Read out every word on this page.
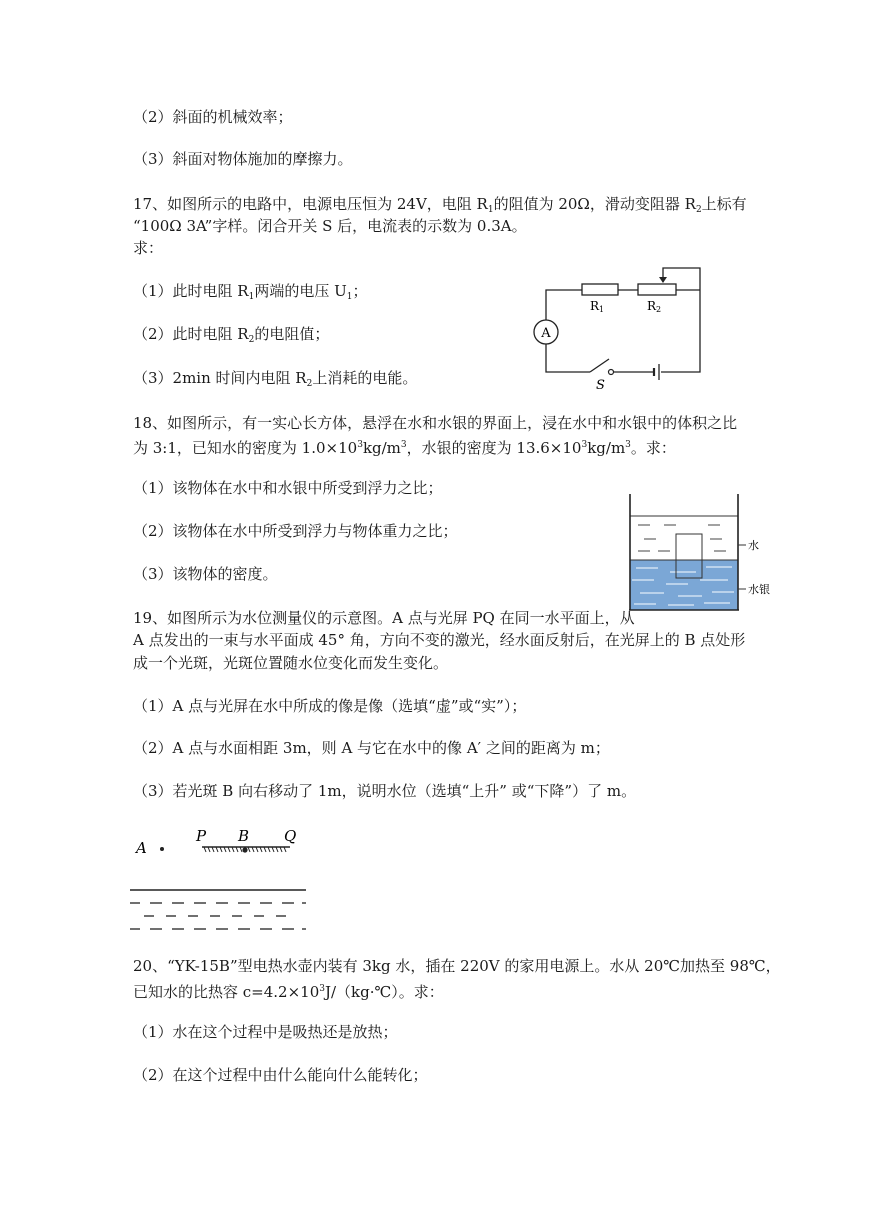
（2）斜面的机械效率；
（3）斜面对物体施加的摩擦力。
17、如图所示的电路中，电源电压恒为 24V，电阻 $R_1$的阻值为 20Ω，滑动变阻器 $R_2$上标有
“100Ω 3A”字样。闭合开关 S 后，电流表的示数为 0.3A。
求：
（1）此时电阻 $R_1$两端的电压 $U_1$；
（2）此时电阻 $R_2$的电阻值；
（3）2min 时间内电阻 $R_2$上消耗的电能。
A
R1	R2
S
18、如图所示，有一实心长方体，悬浮在水和水银的界面上，浸在水中和水银中的体积之比
为 3:1，已知水的密度为 $1.0\times 10^3kg/m^3$，水银的密度为 $13.6\times 10^3kg/m^3$。求：
（1）该物体在水中和水银中所受到浮力之比；
（2）该物体在水中所受到浮力与物体重力之比；
（3）该物体的密度。
水
水银
19、如图所示为水位测量仪的示意图。A 点与光屏 PQ 在同一水平面上，从
A 点发出的一束与水平面成 45° 角，方向不变的激光，经水面反射后，在光屏上的 B 点处形
成一个光斑，光斑位置随水位变化而发生变化。
（1）A 点与光屏在水中所成的像是像（选填“虚”或“实”）；
（2）A 点与水面相距 3m，则 A 与它在水中的像 A′ 之间的距离为 m；
（3）若光斑 B 向右移动了 1m，说明水位（选填“上升” 或“下降”）了 m。
A
P B Q
20、“YK-15B”型电热水壶内装有 3kg 水，插在 220V 的家用电源上。水从 20℃加热至 98℃，
已知水的比热容 $c=4.2\times 10^3J/(kg\cdot℃)$。求：
（1）水在这个过程中是吸热还是放热；
（2）在这个过程中由什么能向什么能转化；
